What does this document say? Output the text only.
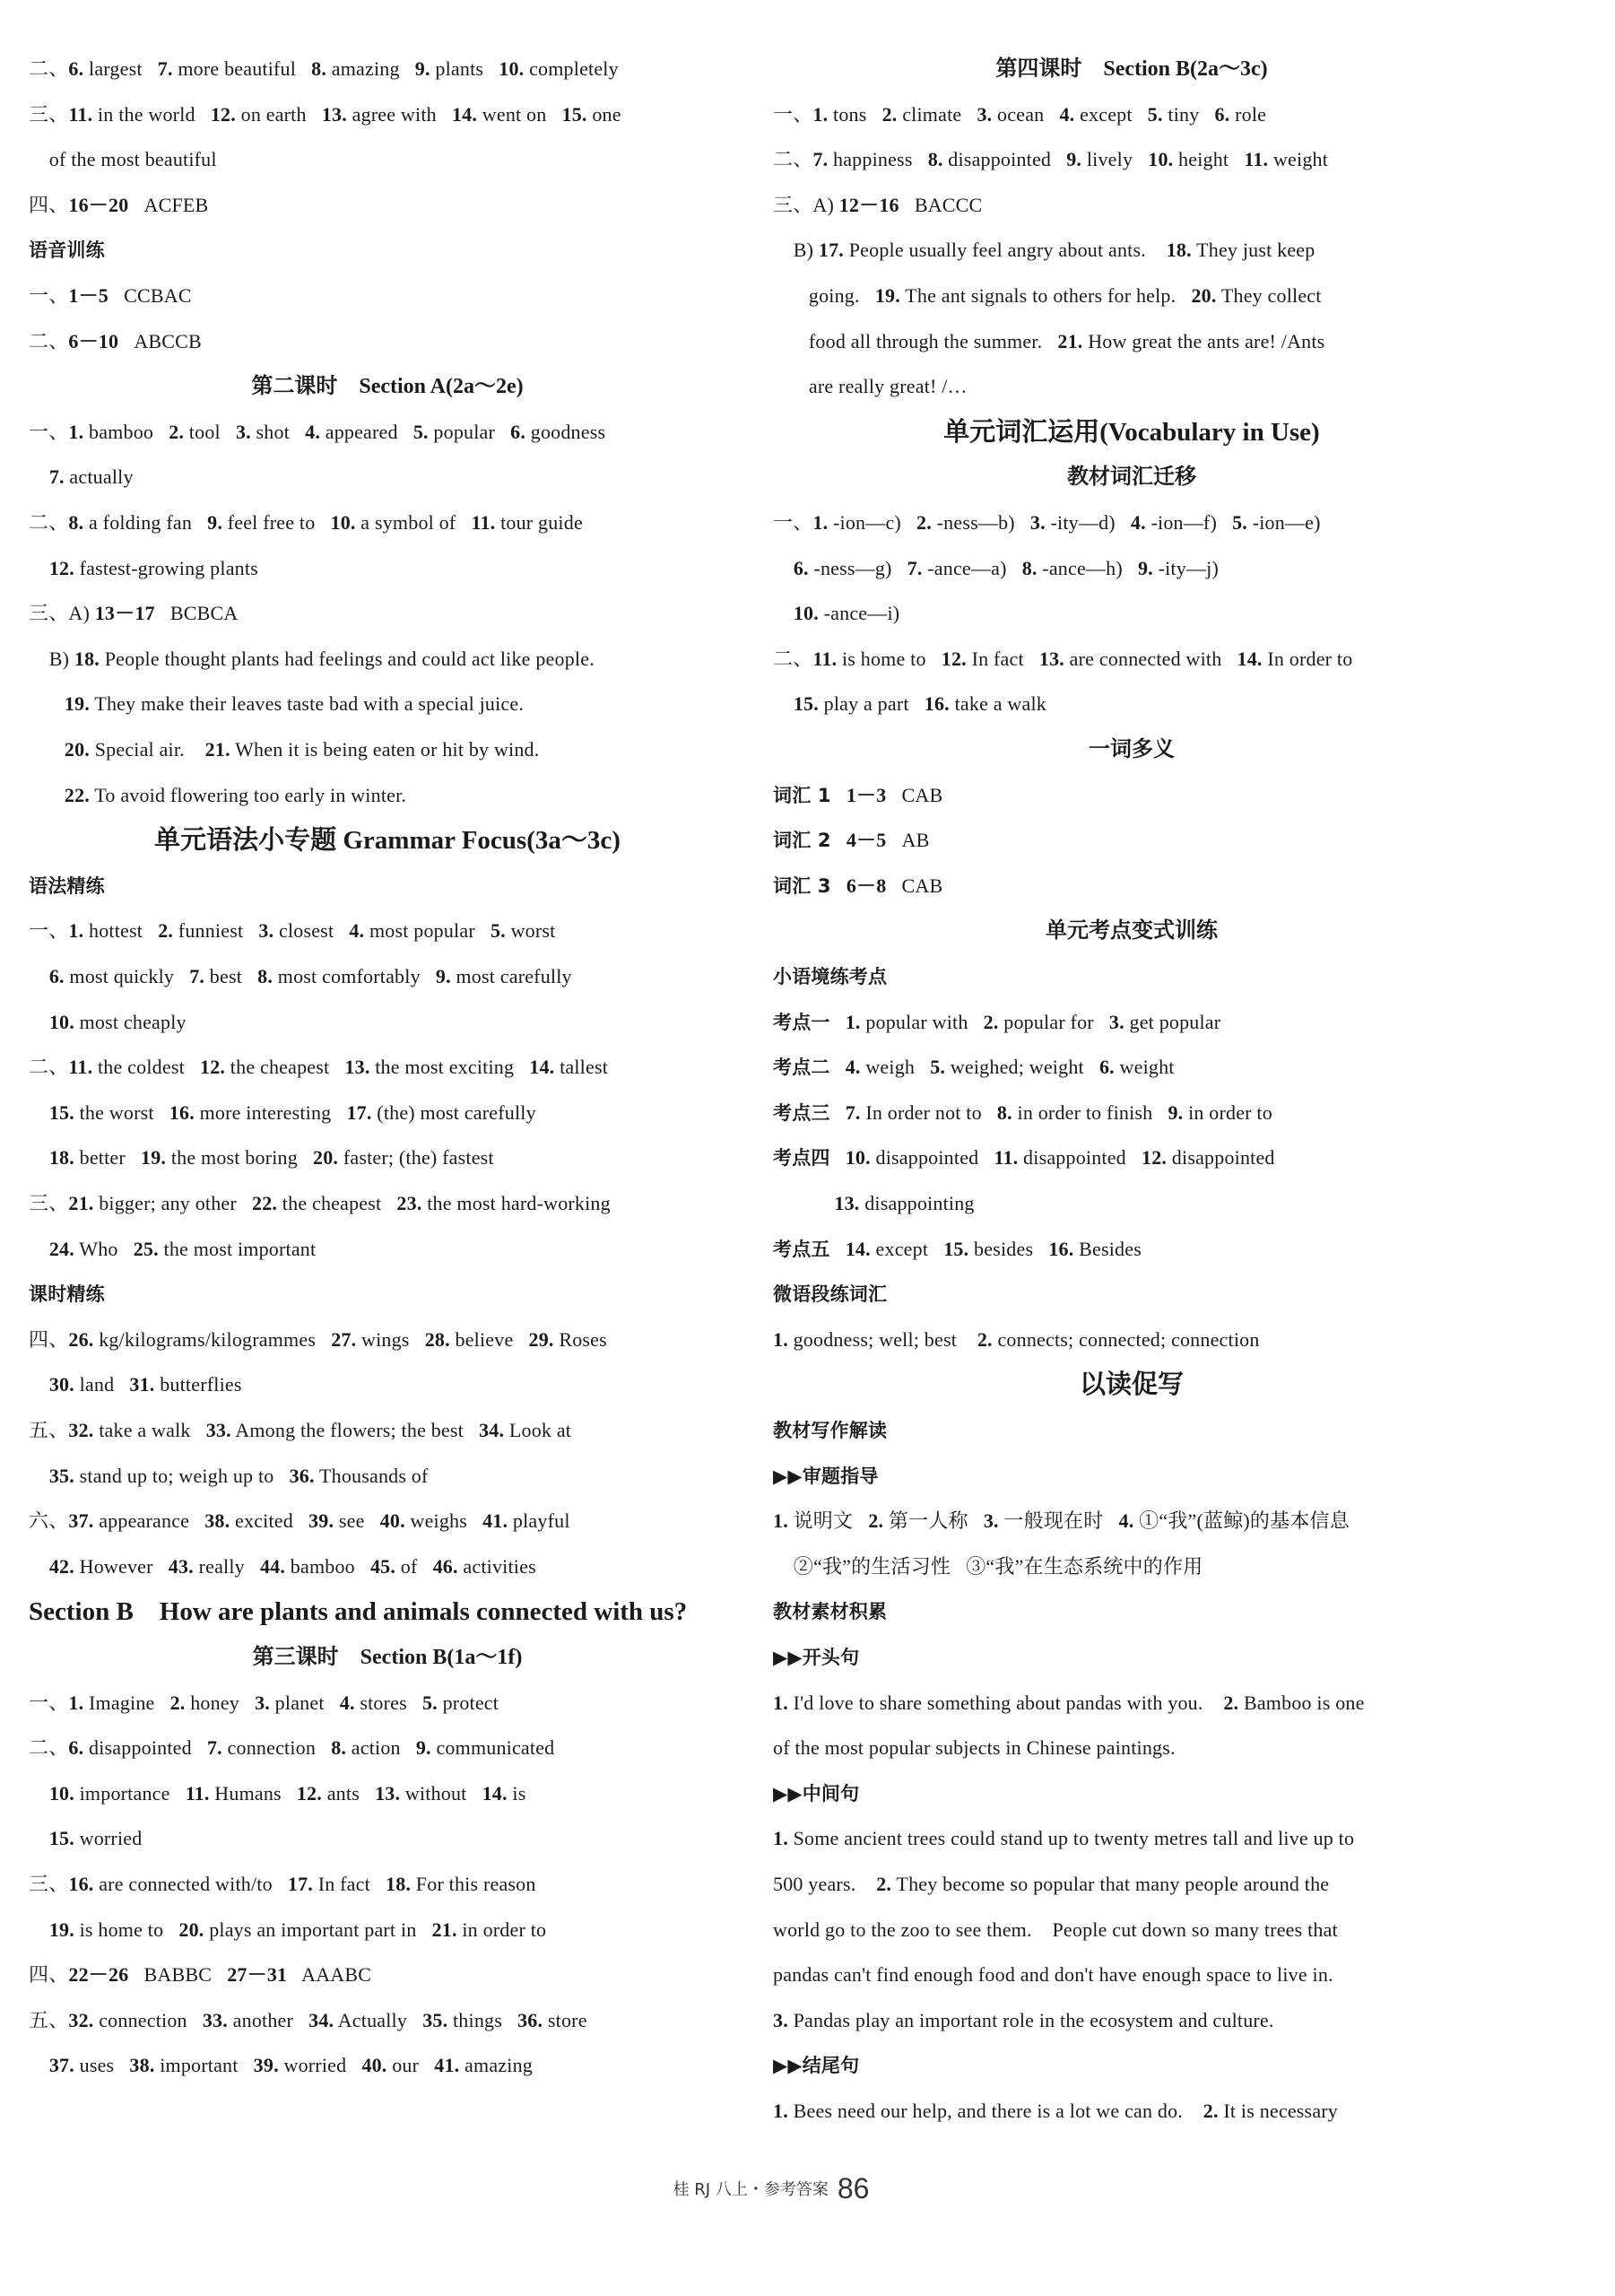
二、6. largest   7. more beautiful   8. amazing   9. plants   10. completely
三、11. in the world   12. on earth   13. agree with   14. went on   15. one
of the most beautiful
四、16－20   ACFEB
语音训练
一、1－5   CCBAC
二、6－10   ABCCB
一、1. bamboo   2. tool   3. shot   4. appeared   5. popular   6. goodness
7. actually
二、8. a folding fan   9. feel free to   10. a symbol of   11. tour guide
12. fastest-growing plants
三、A) 13－17   BCBCA
B) 18. People thought plants had feelings and could act like people.
19. They make their leaves taste bad with a special juice.
20. Special air.    21. When it is being eaten or hit by wind.
22. To avoid flowering too early in winter.
语法精练
一、1. hottest   2. funniest   3. closest   4. most popular   5. worst
6. most quickly   7. best   8. most comfortably   9. most carefully
10. most cheaply
二、11. the coldest   12. the cheapest   13. the most exciting   14. tallest
15. the worst   16. more interesting   17. (the) most carefully
18. better   19. the most boring   20. faster; (the) fastest
三、21. bigger; any other   22. the cheapest   23. the most hard-working
24. Who   25. the most important
课时精练
四、26. kg/kilograms/kilogrammes   27. wings   28. believe   29. Roses
30. land   31. butterflies
五、32. take a walk   33. Among the flowers; the best   34. Look at
35. stand up to; weigh up to   36. Thousands of
六、37. appearance   38. excited   39. see   40. weighs   41. playful
42. However   43. really   44. bamboo   45. of   46. activities
一、1. Imagine   2. honey   3. planet   4. stores   5. protect
二、6. disappointed   7. connection   8. action   9. communicated
10. importance   11. Humans   12. ants   13. without   14. is
15. worried
三、16. are connected with/to   17. In fact   18. For this reason
19. is home to   20. plays an important part in   21. in order to
四、22－26   BABBC   27－31   AAABC
五、32. connection   33. another   34. Actually   35. things   36. store
37. uses   38. important   39. worried   40. our   41. amazing
第二课时    Section A(2a～2e)
单元语法小专题 Grammar Focus(3a～3c)
Section B    How are plants and animals connected with us?
第三课时    Section B(1a～1f)
一、1. tons   2. climate   3. ocean   4. except   5. tiny   6. role
二、7. happiness   8. disappointed   9. lively   10. height   11. weight
三、A) 12－16   BACCC
B) 17. People usually feel angry about ants.    18. They just keep
going.   19. The ant signals to others for help.   20. They collect
food all through the summer.   21. How great the ants are! /Ants
are really great! /…
一、1. -ion—c)   2. -ness—b)   3. -ity—d)   4. -ion—f)   5. -ion—e)
6. -ness—g)   7. -ance—a)   8. -ance—h)   9. -ity—j)
10. -ance—i)
二、11. is home to   12. In fact   13. are connected with   14. In order to
15. play a part   16. take a walk
词汇 1 1－3   CAB
词汇 2 4－5   AB
词汇 3 6－8   CAB
小语境练考点
考点一 1. popular with   2. popular for   3. get popular
考点二 4. weigh   5. weighed; weight   6. weight
考点三 7. In order not to   8. in order to finish   9. in order to
考点四 10. disappointed   11. disappointed   12. disappointed
13. disappointing
考点五 14. except   15. besides   16. Besides
微语段练词汇
1. goodness; well; best    2. connects; connected; connection
教材写作解读
▶▶审题指导
1. 说明文   2. 第一人称   3. 一般现在时   4. ①“我”(蓝鲸)的基本信息
②“我”的生活习性   ③“我”在生态系统中的作用
教材素材积累
▶▶开头句
1. I'd love to share something about pandas with you.    2. Bamboo is one
of the most popular subjects in Chinese paintings.
▶▶中间句
1. Some ancient trees could stand up to twenty metres tall and live up to
500 years.    2. They become so popular that many people around the
world go to the zoo to see them.    People cut down so many trees that
pandas can't find enough food and don't have enough space to live in.
3. Pandas play an important role in the ecosystem and culture.
▶▶结尾句
1. Bees need our help, and there is a lot we can do.    2. It is necessary
第四课时    Section B(2a～3c)
单元词汇运用(Vocabulary in Use)
教材词汇迁移
一词多义
单元考点变式训练
以读促写
桂 RJ 八上・参考答案 86
